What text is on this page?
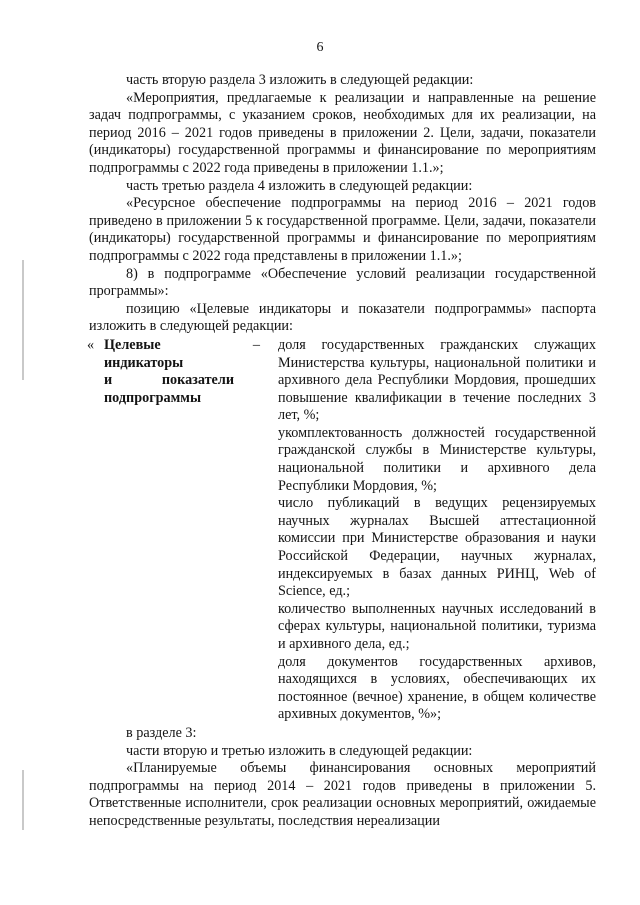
6

часть вторую раздела 3 изложить в следующей редакции:

«Мероприятия, предлагаемые к реализации и направленные на решение задач подпрограммы, с указанием сроков, необходимых для их реализации, на период 2016 – 2021 годов приведены в приложении 2. Цели, задачи, показатели (индикаторы) государственной программы и финансирование по мероприятиям подпрограммы с 2022 года приведены в приложении 1.1.»;

часть третью раздела 4 изложить в следующей редакции:

«Ресурсное обеспечение подпрограммы на период 2016 – 2021 годов приведено в приложении 5 к государственной программе. Цели, задачи, показатели (индикаторы) государственной программы и финансирование по мероприятиям подпрограммы с 2022 года представлены в приложении 1.1.»;

8) в подпрограмме «Обеспечение условий реализации государственной программы»:

позицию «Целевые индикаторы и показатели подпрограммы» паспорта изложить в следующей редакции:

«	–
Целевые
индикаторы
и	показатели
подпрограммы

доля государственных гражданских служащих Министерства культуры, национальной политики и архивного дела Республики Мордовия, прошедших повышение квалификации в течение последних 3 лет, %;

укомплектованность должностей государственной гражданской службы в Министерстве культуры, национальной политики и архивного дела Республики Мордовия, %;

число публикаций в ведущих рецензируемых научных журналах Высшей аттестационной комиссии при Министерстве образования и науки Российской Федерации, научных журналах, индексируемых в базах данных РИНЦ, Web of Science, ед.;

количество выполненных научных исследований в сферах культуры, национальной политики, туризма и архивного дела, ед.;

доля документов государственных архивов, находящихся в условиях, обеспечивающих их постоянное (вечное) хранение, в общем количестве архивных документов, %»;

в разделе 3:

части вторую и третью изложить в следующей редакции:

«Планируемые объемы финансирования основных мероприятий подпрограммы на период 2014 – 2021 годов приведены в приложении 5. Ответственные исполнители, срок реализации основных мероприятий, ожидаемые непосредственные результаты, последствия нереализации
